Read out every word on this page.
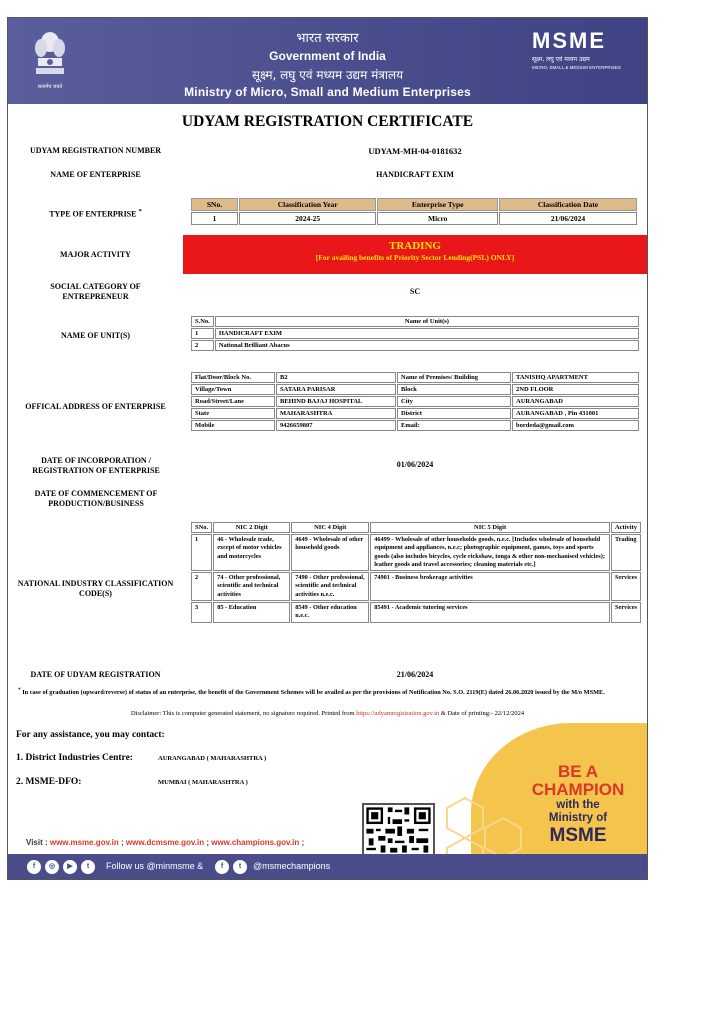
सत्यमेव जयते
भारत सरकार
Government of India
सूक्ष्म, लघु एवं मध्यम उद्यम मंत्रालय
Ministry of Micro, Small and Medium Enterprises
MSME
सूक्ष्म, लघु एवं मध्यम उद्यम
MICRO, SMALL & MEDIUM ENTERPRISES
UDYAM REGISTRATION CERTIFICATE
UDYAM REGISTRATION NUMBER	UDYAM-MH-04-0181632
NAME OF ENTERPRISE	HANDICRAFT EXIM
TYPE OF ENTERPRISE *
SNo.	Classification Year	Enterprise Type	Classification Date
1	2024-25	Micro	21/06/2024
MAJOR ACTIVITY
TRADING
[For availing benefits of Priority Sector Lending(PSL) ONLY]
SOCIAL CATEGORY OF ENTREPRENEUR
SC
NAME OF UNIT(S)
S.No.	Name of Unit(s)
1	HANDICRAFT EXIM
2	National Brilliant Abacus
OFFICAL ADDRESS OF ENTERPRISE
Flat/Door/Block No.	B2	Name of Premises/ Building	TANISHQ APARTMENT
Village/Town	SATARA PARISAR	Block	2ND FLOOR
Road/Street/Lane	BEHIND BAJAJ HOSPITAL	City	AURANGABAD
State	MAHARASHTRA	District	AURANGABAD , Pin 431001
Mobile	9426659807	Email:	bordeda@gmail.com
DATE OF INCORPORATION / REGISTRATION OF ENTERPRISE
01/06/2024
DATE OF COMMENCEMENT OF PRODUCTION/BUSINESS
NATIONAL INDUSTRY CLASSIFICATION CODE(S)
SNo.	NIC 2 Digit	NIC 4 Digit	NIC 5 Digit	Activity
1	46 - Wholesale trade, except of motor vehicles and motorcycles	4649 - Wholesale of other household goods	46499 - Wholesale of other households goods, n.e.c. [Includes wholesale of household equipment and appliances, n.e.c; photographic equipment, games, toys and sports goods (also includes bicycles, cycle rickshaw, tonga & other non-mechanised vehicles); leather goods and travel accessories; cleaning materials etc.]	Trading
2	74 - Other professional, scientific and technical activities	7490 - Other professional, scientific and technical activities n.e.c.	74901 - Business brokerage activities	Services
3	85 - Education	8549 - Other education n.e.c.	85491 - Academic tutoring services	Services
DATE OF UDYAM REGISTRATION	21/06/2024
* In case of graduation (upward/reverse) of status of an enterprise, the benefit of the Government Schemes will be availed as per the provisions of Notification No. S.O. 2119(E) dated 26.06.2020 issued by the M/o MSME.
Disclaimer: This is computer generated statement, no signature required. Printed from https://udyamregistration.gov.in & Date of printing:- 22/12/2024
BE A
CHAMPION
with the
Ministry of
MSME
For any assistance, you may contact:
1. District Industries Centre:	AURANGABAD ( MAHARASHTRA )
2. MSME-DFO:	MUMBAI ( MAHARASHTRA )
Visit : www.msme.gov.in ; www.dcmsme.gov.in ; www.champions.gov.in ;
f	◎	▶	t	Follow us @minmsme &	f	t	@msmechampions
